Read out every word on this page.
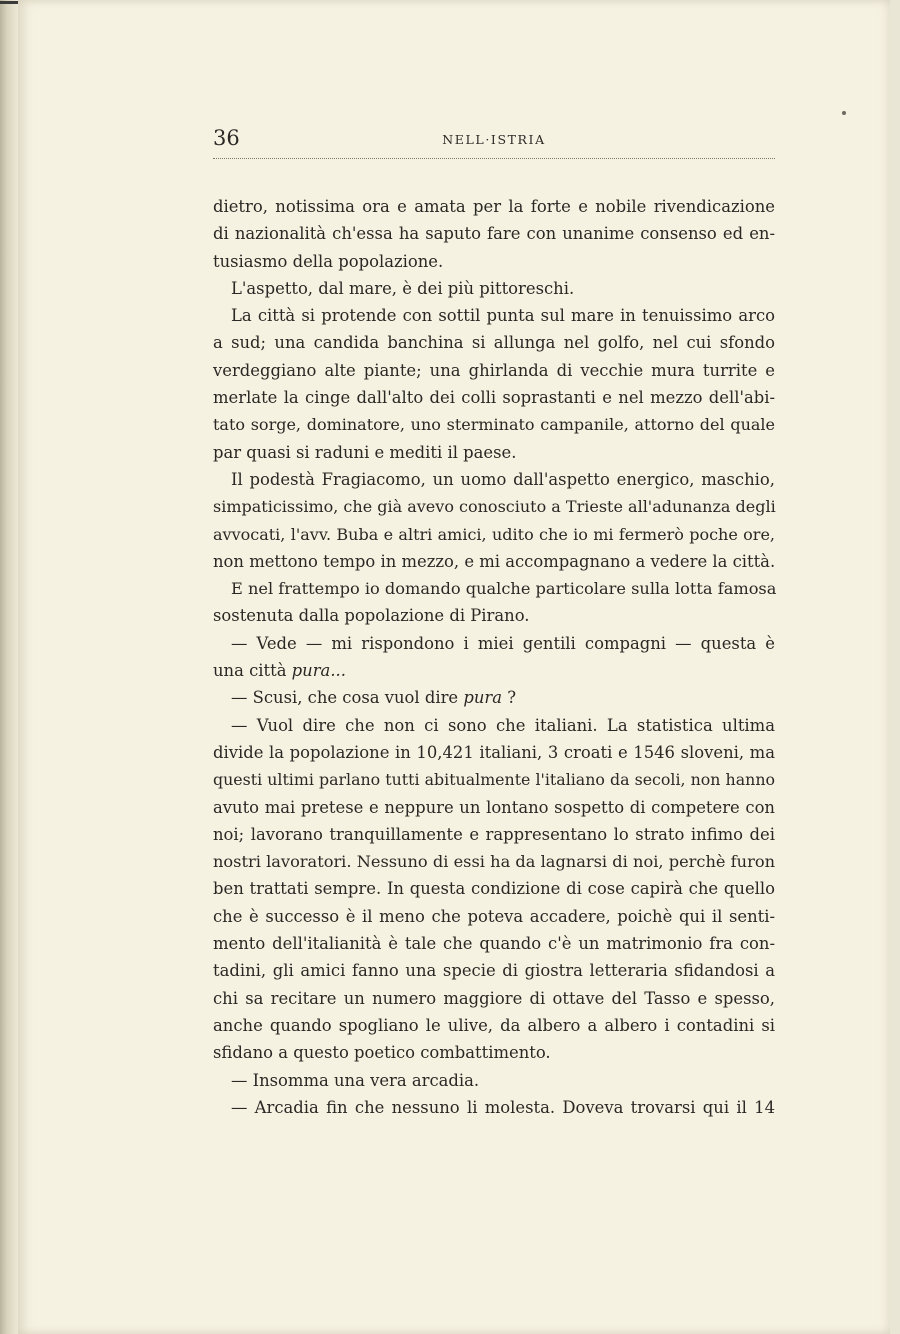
36	NELL·ISTRIA
dietro, notissima ora e amata per la forte e nobile rivendicazione
di nazionalità ch'essa ha saputo fare con unanime consenso ed en-
tusiasmo della popolazione.
L'aspetto, dal mare, è dei più pittoreschi.
La città si protende con sottil punta sul mare in tenuissimo arco
a sud; una candida banchina si allunga nel golfo, nel cui sfondo
verdeggiano alte piante; una ghirlanda di vecchie mura turrite e
merlate la cinge dall'alto dei colli soprastanti e nel mezzo dell'abi-
tato sorge, dominatore, uno sterminato campanile, attorno del quale
par quasi si raduni e mediti il paese.
Il podestà Fragiacomo, un uomo dall'aspetto energico, maschio,
simpaticissimo, che già avevo conosciuto a Trieste all'adunanza degli
avvocati, l'avv. Buba e altri amici, udito che io mi fermerò poche ore,
non mettono tempo in mezzo, e mi accompagnano a vedere la città.
E nel frattempo io domando qualche particolare sulla lotta famosa
sostenuta dalla popolazione di Pirano.
— Vede — mi rispondono i miei gentili compagni — questa è
una città pura...
— Scusi, che cosa vuol dire pura ?
— Vuol dire che non ci sono che italiani. La statistica ultima
divide la popolazione in 10,421 italiani, 3 croati e 1546 sloveni, ma
questi ultimi parlano tutti abitualmente l'italiano da secoli, non hanno
avuto mai pretese e neppure un lontano sospetto di competere con
noi; lavorano tranquillamente e rappresentano lo strato infimo dei
nostri lavoratori. Nessuno di essi ha da lagnarsi di noi, perchè furon
ben trattati sempre. In questa condizione di cose capirà che quello
che è successo è il meno che poteva accadere, poichè qui il senti-
mento dell'italianità è tale che quando c'è un matrimonio fra con-
tadini, gli amici fanno una specie di giostra letteraria sfidandosi a
chi sa recitare un numero maggiore di ottave del Tasso e spesso,
anche quando spogliano le ulive, da albero a albero i contadini si
sfidano a questo poetico combattimento.
— Insomma una vera arcadia.
— Arcadia fin che nessuno li molesta. Doveva trovarsi qui il 14
